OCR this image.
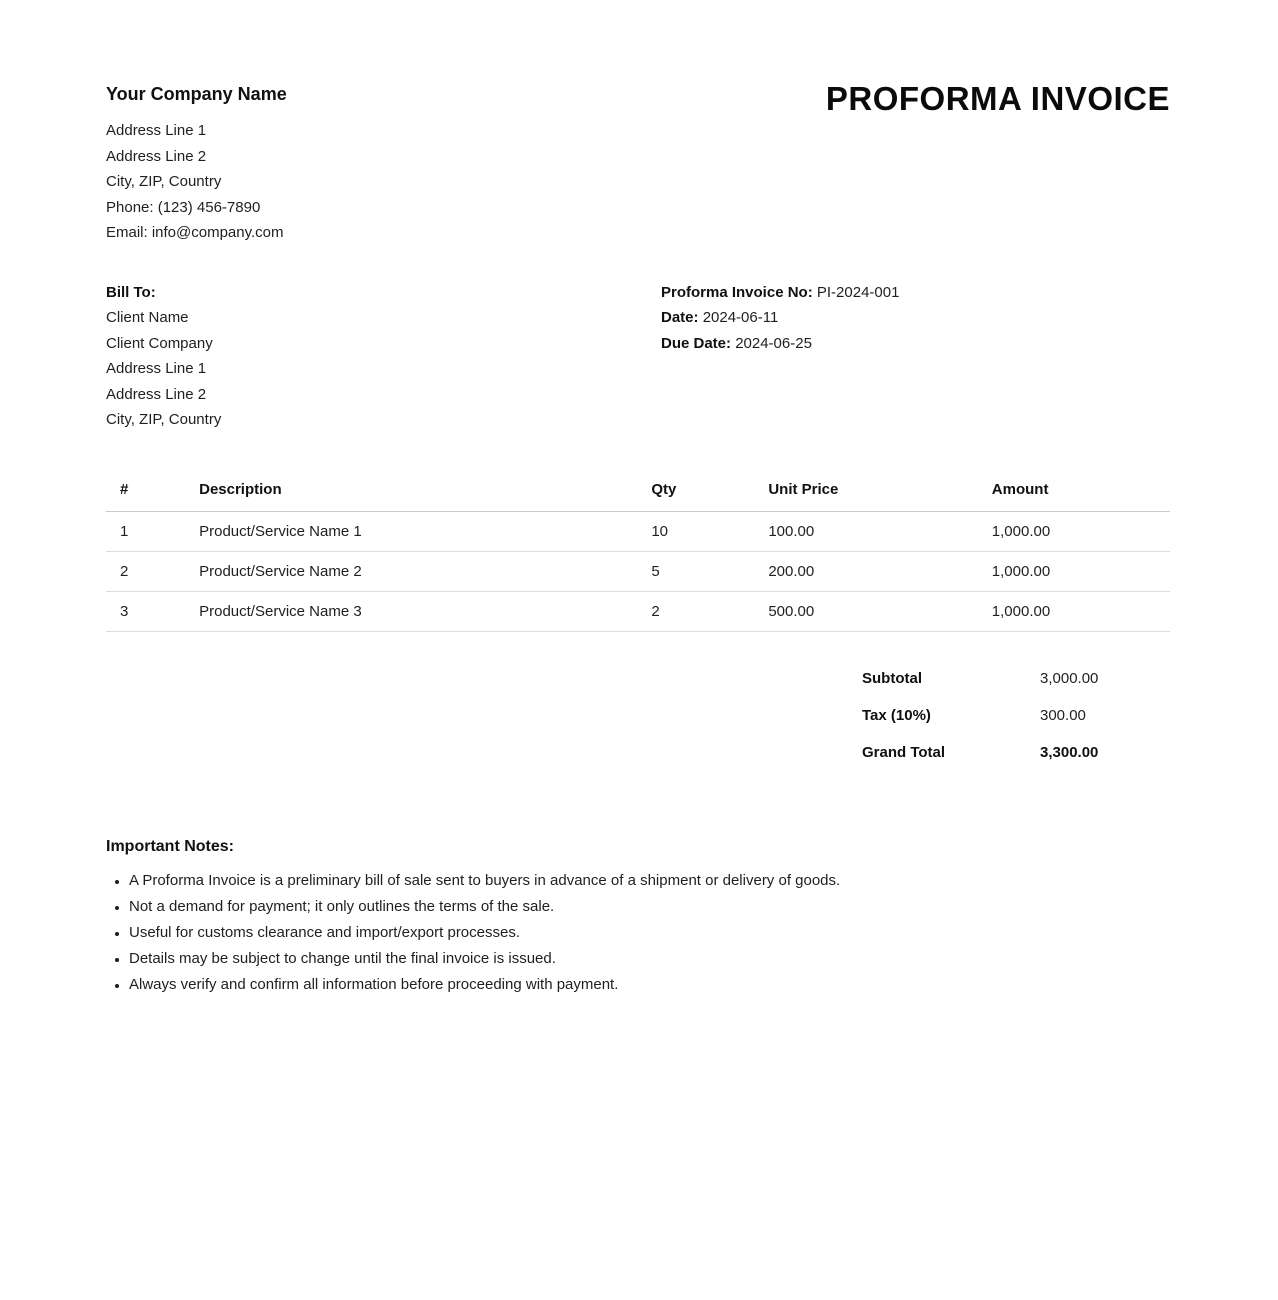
Your Company Name
Address Line 1
Address Line 2
City, ZIP, Country
Phone: (123) 456-7890
Email: info@company.com
PROFORMA INVOICE
Bill To:
Client Name
Client Company
Address Line 1
Address Line 2
City, ZIP, Country
Proforma Invoice No: PI-2024-001
Date: 2024-06-11
Due Date: 2024-06-25
#	Description	Qty	Unit Price	Amount
1	Product/Service Name 1	10	100.00	1,000.00
2	Product/Service Name 2	5	200.00	1,000.00
3	Product/Service Name 3	2	500.00	1,000.00
Subtotal	3,000.00
Tax (10%)	300.00
Grand Total	3,300.00

Important Notes:

• A Proforma Invoice is a preliminary bill of sale sent to buyers in advance of a shipment or delivery of goods.
• Not a demand for payment; it only outlines the terms of the sale.
• Useful for customs clearance and import/export processes.
• Details may be subject to change until the final invoice is issued.
• Always verify and confirm all information before proceeding with payment.
